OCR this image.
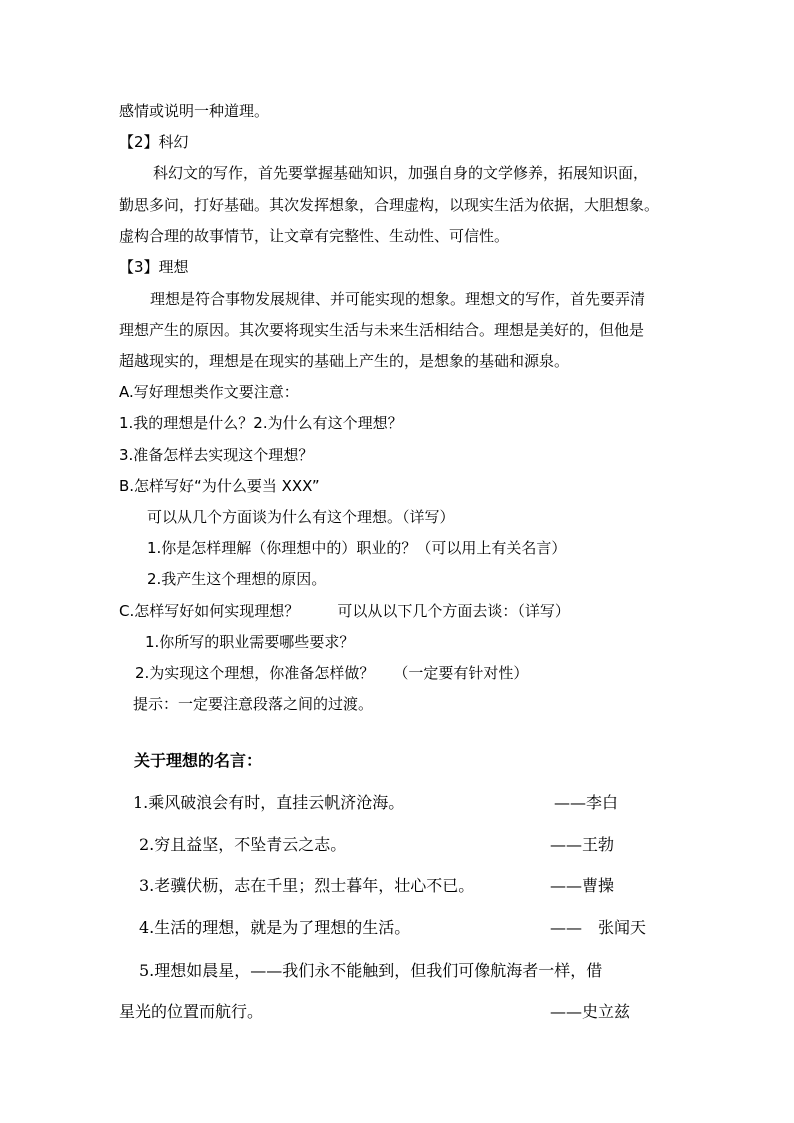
感情或说明一种道理。
【2】科幻
科幻文的写作，首先要掌握基础知识，加强自身的文学修养，拓展知识面，
勤思多问，打好基础。其次发挥想象，合理虚构，以现实生活为依据，大胆想象。
虚构合理的故事情节，让文章有完整性、生动性、可信性。
【3】理想
理想是符合事物发展规律、并可能实现的想象。理想文的写作，首先要弄清
理想产生的原因。其次要将现实生活与未来生活相结合。理想是美好的，但他是
超越现实的，理想是在现实的基础上产生的，是想象的基础和源泉。
A.写好理想类作文要注意：
1.我的理想是什么？2.为什么有这个理想？
3.准备怎样去实现这个理想？
B.怎样写好“为什么要当 XXX”
可以从几个方面谈为什么有这个理想。（详写）
1.你是怎样理解（你理想中的）职业的？（可以用上有关名言）
2.我产生这个理想的原因。
C.怎样写好如何实现理想？        可以从以下几个方面去谈：（详写）
1.你所写的职业需要哪些要求？
2.为实现这个理想，你准备怎样做？    （一定要有针对性）
提示：一定要注意段落之间的过渡。
关于理想的名言：
1.乘风破浪会有时，直挂云帆济沧海。	——李白
2.穷且益坚，不坠青云之志。	——王勃
3.老骥伏枥，志在千里；烈士暮年，壮心不已。	——曹操
4.生活的理想，就是为了理想的生活。	——　张闻天
5.理想如晨星，——我们永不能触到，但我们可像航海者一样，借
星光的位置而航行。	——史立兹
